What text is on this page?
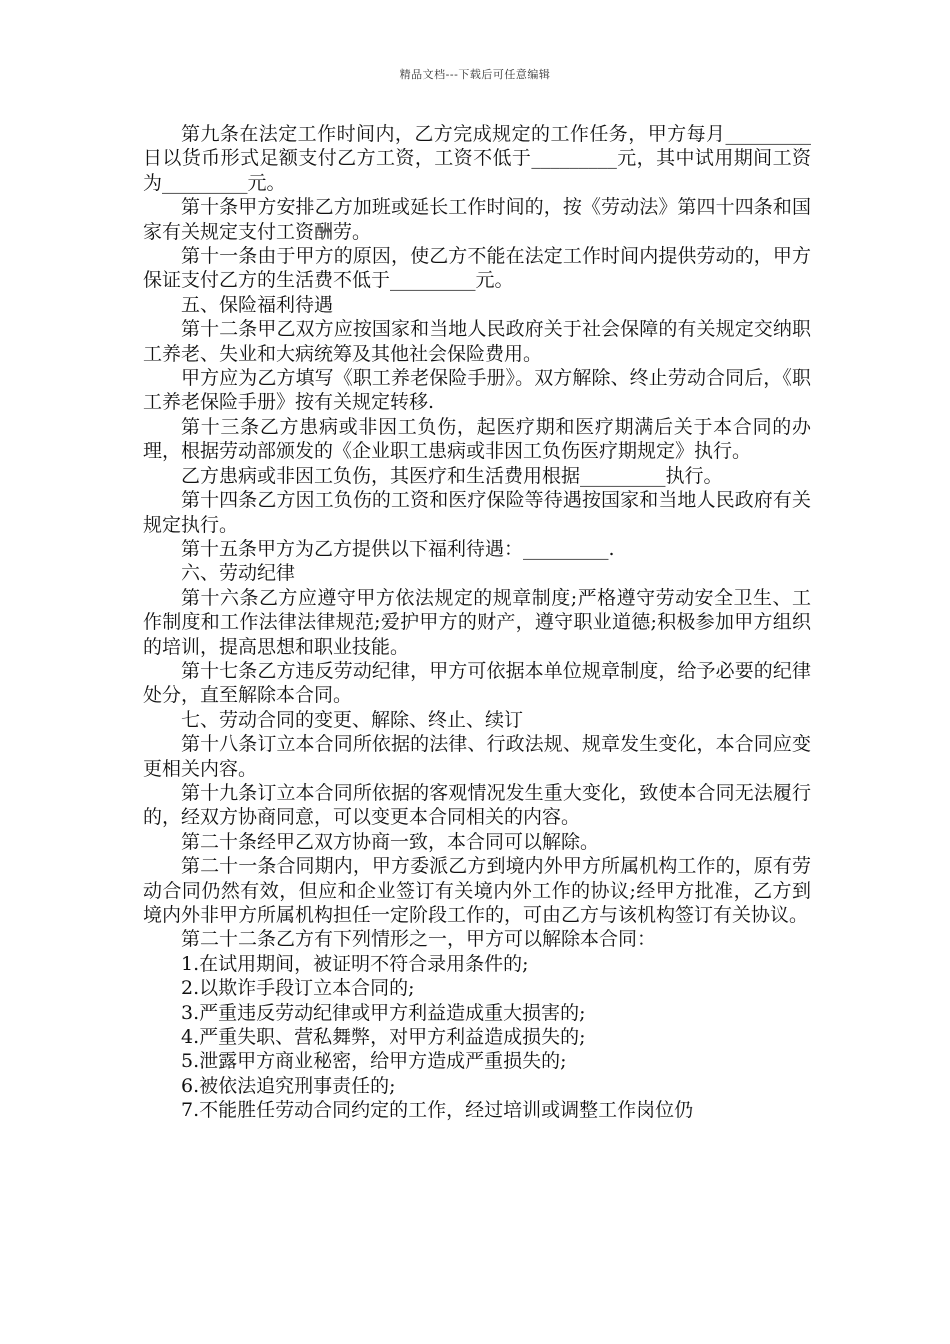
精品文档---下载后可任意编辑

第九条在法定工作时间内，乙方完成规定的工作任务，甲方每月_________日以货币形式足额支付乙方工资，工资不低于_________元，其中试用期间工资为_________元。

第十条甲方安排乙方加班或延长工作时间的，按《劳动法》第四十四条和国家有关规定支付工资酬劳。

第十一条由于甲方的原因，使乙方不能在法定工作时间内提供劳动的，甲方保证支付乙方的生活费不低于_________元。

五、保险福利待遇

第十二条甲乙双方应按国家和当地人民政府关于社会保障的有关规定交纳职工养老、失业和大病统筹及其他社会保险费用。

甲方应为乙方填写《职工养老保险手册》。双方解除、终止劳动合同后，《职工养老保险手册》按有关规定转移.

第十三条乙方患病或非因工负伤，起医疗期和医疗期满后关于本合同的办理，根据劳动部颁发的《企业职工患病或非因工负伤医疗期规定》执行。

乙方患病或非因工负伤，其医疗和生活费用根据_________执行。

第十四条乙方因工负伤的工资和医疗保险等待遇按国家和当地人民政府有关规定执行。

第十五条甲方为乙方提供以下福利待遇：_________.

六、劳动纪律

第十六条乙方应遵守甲方依法规定的规章制度;严格遵守劳动安全卫生、工作制度和工作法律法律规范;爱护甲方的财产，遵守职业道德;积极参加甲方组织的培训，提高思想和职业技能。

第十七条乙方违反劳动纪律，甲方可依据本单位规章制度，给予必要的纪律处分，直至解除本合同。

七、劳动合同的变更、解除、终止、续订

第十八条订立本合同所依据的法律、行政法规、规章发生变化，本合同应变更相关内容。

第十九条订立本合同所依据的客观情况发生重大变化，致使本合同无法履行的，经双方协商同意，可以变更本合同相关的内容。

第二十条经甲乙双方协商一致，本合同可以解除。

第二十一条合同期内，甲方委派乙方到境内外甲方所属机构工作的，原有劳动合同仍然有效，但应和企业签订有关境内外工作的协议;经甲方批准，乙方到境内外非甲方所属机构担任一定阶段工作的，可由乙方与该机构签订有关协议。

第二十二条乙方有下列情形之一，甲方可以解除本合同：

1.在试用期间，被证明不符合录用条件的;

2.以欺诈手段订立本合同的;

3.严重违反劳动纪律或甲方利益造成重大损害的;

4.严重失职、营私舞弊，对甲方利益造成损失的;

5.泄露甲方商业秘密，给甲方造成严重损失的;

6.被依法追究刑事责任的;

7.不能胜任劳动合同约定的工作，经过培训或调整工作岗位仍
